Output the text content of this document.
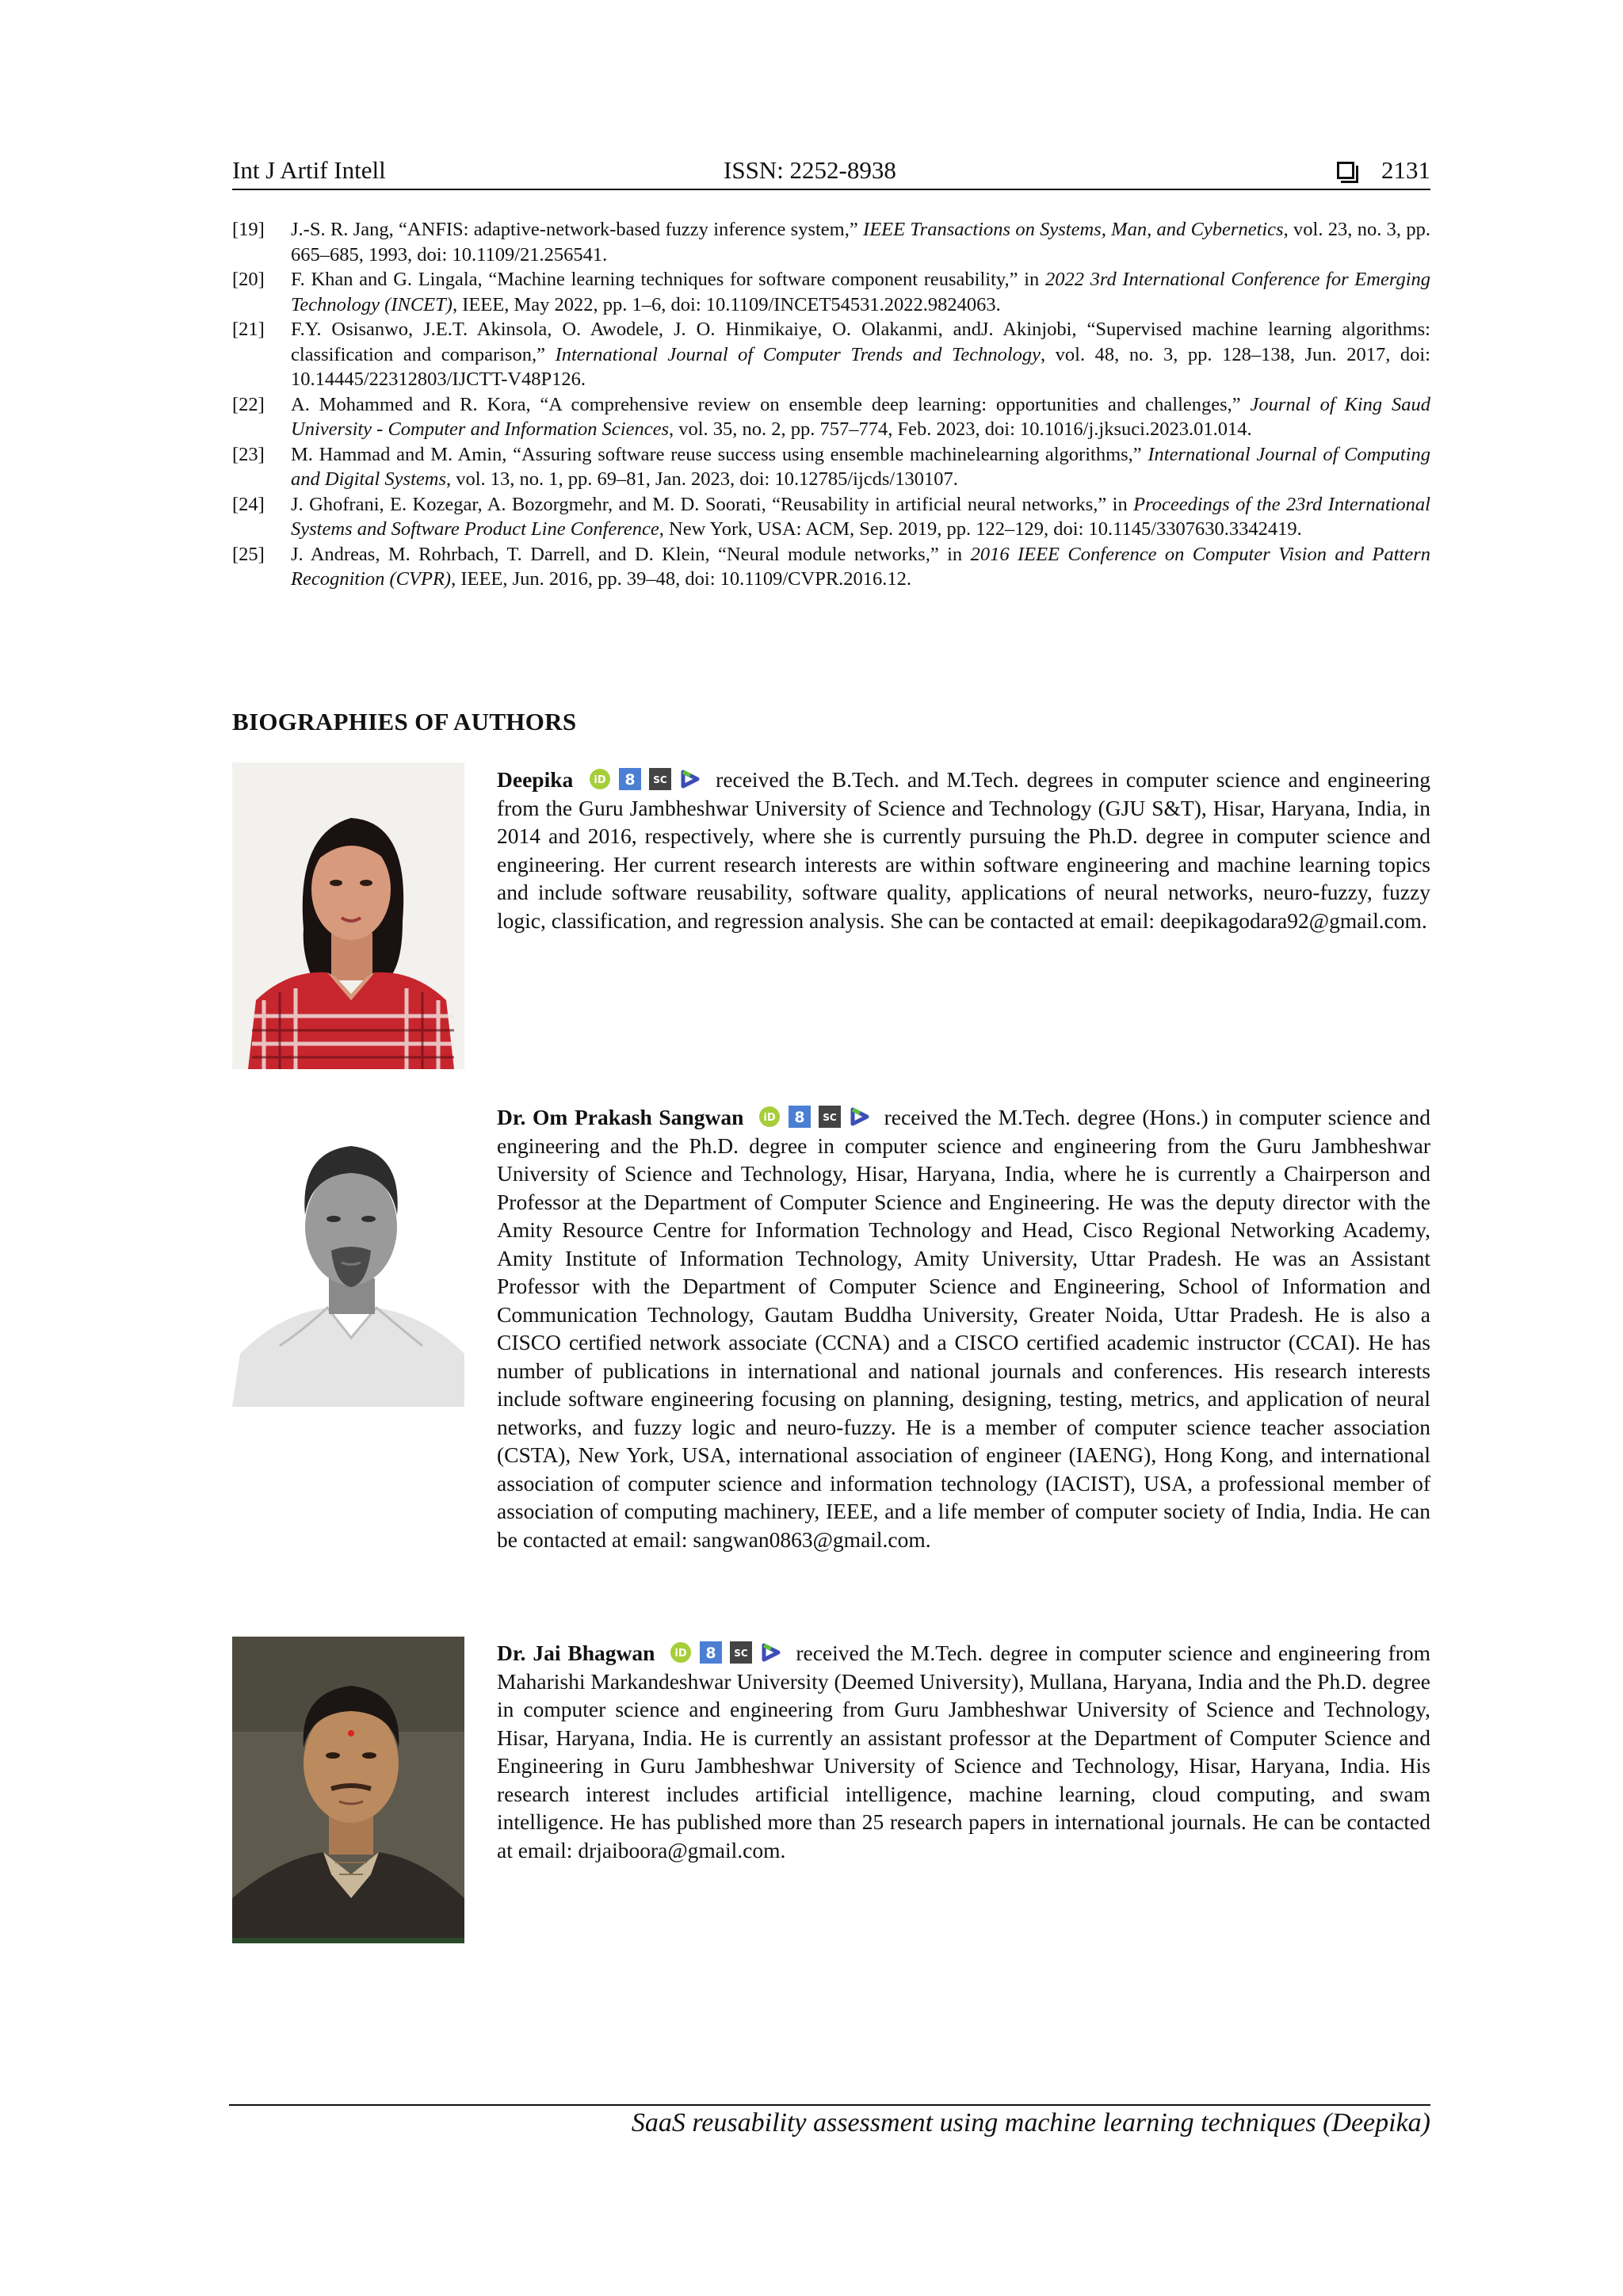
Int J Artif Intell	ISSN: 2252-8938	2131
[19]	J.-S. R. Jang, “ANFIS: adaptive-network-based fuzzy inference system,” IEEE Transactions on Systems, Man, and Cybernetics, vol. 23, no. 3, pp. 665–685, 1993, doi: 10.1109/21.256541.
[20]	F. Khan and G. Lingala, “Machine learning techniques for software component reusability,” in 2022 3rd International Conference for Emerging Technology (INCET), IEEE, May 2022, pp. 1–6, doi: 10.1109/INCET54531.2022.9824063.
[21]	F.Y. Osisanwo, J.E.T. Akinsola, O. Awodele, J. O. Hinmikaiye, O. Olakanmi, andJ. Akinjobi, “Supervised machine learning algorithms: classification and comparison,” International Journal of Computer Trends and Technology, vol. 48, no. 3, pp. 128–138, Jun. 2017, doi: 10.14445/22312803/IJCTT-V48P126.
[22]	A. Mohammed and R. Kora, “A comprehensive review on ensemble deep learning: opportunities and challenges,” Journal of King Saud University - Computer and Information Sciences, vol. 35, no. 2, pp. 757–774, Feb. 2023, doi: 10.1016/j.jksuci.2023.01.014.
[23]	M. Hammad and M. Amin, “Assuring software reuse success using ensemble machinelearning algorithms,” International Journal of Computing and Digital Systems, vol. 13, no. 1, pp. 69–81, Jan. 2023, doi: 10.12785/ijcds/130107.
[24]	J. Ghofrani, E. Kozegar, A. Bozorgmehr, and M. D. Soorati, “Reusability in artificial neural networks,” in Proceedings of the 23rd International Systems and Software Product Line Conference, New York, USA: ACM, Sep. 2019, pp. 122–129, doi: 10.1145/3307630.3342419.
[25]	J. Andreas, M. Rohrbach, T. Darrell, and D. Klein, “Neural module networks,” in 2016 IEEE Conference on Computer Vision and Pattern Recognition (CVPR), IEEE, Jun. 2016, pp. 39–48, doi: 10.1109/CVPR.2016.12.
BIOGRAPHIES OF AUTHORS
Deepika iD 8 SC received the B.Tech. and M.Tech. degrees in computer science and engineering from the Guru Jambheshwar University of Science and Technology (GJU S&T), Hisar, Haryana, India, in 2014 and 2016, respectively, where she is currently pursuing the Ph.D. degree in computer science and engineering. Her current research interests are within software engineering and machine learning topics and include software reusability, software quality, applications of neural networks, neuro-fuzzy, fuzzy logic, classification, and regression analysis. She can be contacted at email: deepikagodara92@gmail.com.
Dr. Om Prakash Sangwan iD 8 SC received the M.Tech. degree (Hons.) in computer science and engineering and the Ph.D. degree in computer science and engineering from the Guru Jambheshwar University of Science and Technology, Hisar, Haryana, India, where he is currently a Chairperson and Professor at the Department of Computer Science and Engineering. He was the deputy director with the Amity Resource Centre for Information Technology and Head, Cisco Regional Networking Academy, Amity Institute of Information Technology, Amity University, Uttar Pradesh. He was an Assistant Professor with the Department of Computer Science and Engineering, School of Information and Communication Technology, Gautam Buddha University, Greater Noida, Uttar Pradesh. He is also a CISCO certified network associate (CCNA) and a CISCO certified academic instructor (CCAI). He has number of publications in international and national journals and conferences. His research interests include software engineering focusing on planning, designing, testing, metrics, and application of neural networks, and fuzzy logic and neuro-fuzzy. He is a member of computer science teacher association (CSTA), New York, USA, international association of engineer (IAENG), Hong Kong, and international association of computer science and information technology (IACIST), USA, a professional member of association of computing machinery, IEEE, and a life member of computer society of India, India. He can be contacted at email: sangwan0863@gmail.com.
Dr. Jai Bhagwan iD 8 SC received the M.Tech. degree in computer science and engineering from Maharishi Markandeshwar University (Deemed University), Mullana, Haryana, India and the Ph.D. degree in computer science and engineering from Guru Jambheshwar University of Science and Technology, Hisar, Haryana, India. He is currently an assistant professor at the Department of Computer Science and Engineering in Guru Jambheshwar University of Science and Technology, Hisar, Haryana, India. His research interest includes artificial intelligence, machine learning, cloud computing, and swam intelligence. He has published more than 25 research papers in international journals. He can be contacted at email: drjaiboora@gmail.com.
SaaS reusability assessment using machine learning techniques (Deepika)
